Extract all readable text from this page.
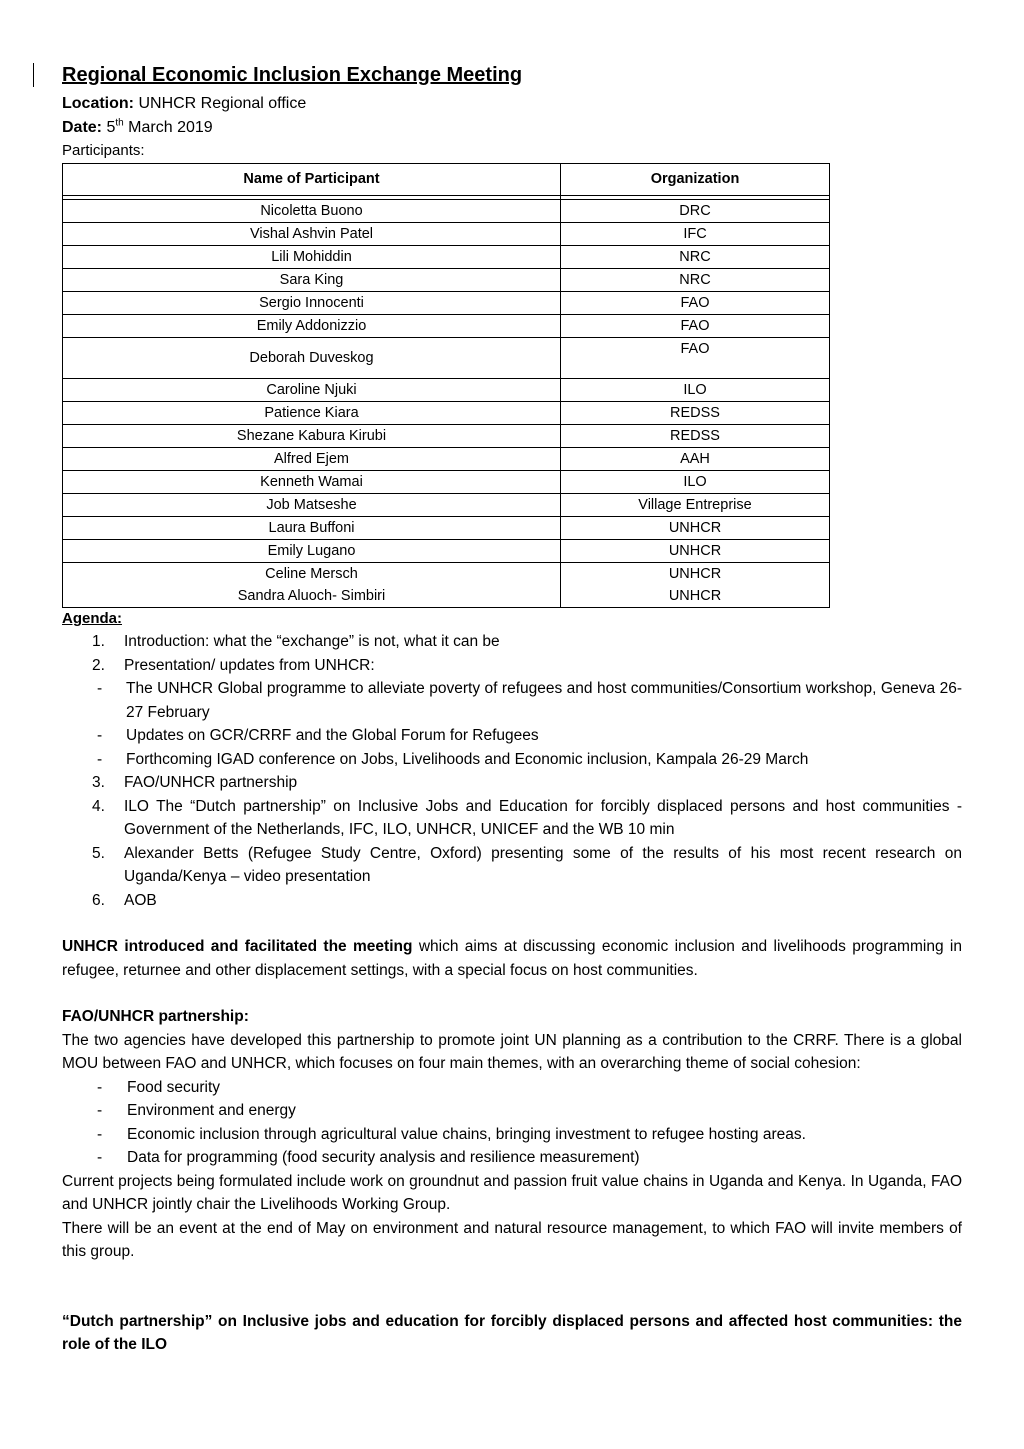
Regional Economic Inclusion Exchange Meeting

Location: UNHCR Regional office

Date: 5th March 2019

Participants:

Name of Participant	Organization

Nicoletta Buono	DRC
Vishal Ashvin Patel	IFC
Lili Mohiddin	NRC
Sara King	NRC
Sergio Innocenti	FAO
Emily Addonizzio	FAO
Deborah Duveskog	FAO
Caroline Njuki	ILO
Patience Kiara	REDSS
Shezane Kabura Kirubi	REDSS
Alfred Ejem	AAH
Kenneth Wamai	ILO
Job Matseshe	Village Entreprise
Laura Buffoni	UNHCR
Emily Lugano	UNHCR
Celine Mersch	UNHCR
Sandra Aluoch- Simbiri	UNHCR

Agenda:

1. Introduction: what the “exchange” is not, what it can be
2. Presentation/ updates from UNHCR:
- The UNHCR Global programme to alleviate poverty of refugees and host communities/Consortium workshop, Geneva 26-27 February
- Updates on GCR/CRRF and the Global Forum for Refugees
- Forthcoming IGAD conference on Jobs, Livelihoods and Economic inclusion, Kampala 26-29 March
3. FAO/UNHCR partnership
4. ILO The “Dutch partnership” on Inclusive Jobs and Education for forcibly displaced persons and host communities - Government of the Netherlands, IFC, ILO, UNHCR, UNICEF and the WB 10 min
5. Alexander Betts (Refugee Study Centre, Oxford) presenting some of the results of his most recent research on Uganda/Kenya – video presentation
6. AOB

UNHCR introduced and facilitated the meeting which aims at discussing economic inclusion and livelihoods programming in refugee, returnee and other displacement settings, with a special focus on host communities.

FAO/UNHCR partnership:

The two agencies have developed this partnership to promote joint UN planning as a contribution to the CRRF. There is a global MOU between FAO and UNHCR, which focuses on four main themes, with an overarching theme of social cohesion:

- Food security
- Environment and energy
- Economic inclusion through agricultural value chains, bringing investment to refugee hosting areas.
- Data for programming (food security analysis and resilience measurement)

Current projects being formulated include work on groundnut and passion fruit value chains in Uganda and Kenya. In Uganda, FAO and UNHCR jointly chair the Livelihoods Working Group.

There will be an event at the end of May on environment and natural resource management, to which FAO will invite members of this group.

“Dutch partnership” on Inclusive jobs and education for forcibly displaced persons and affected host communities: the role of the ILO
